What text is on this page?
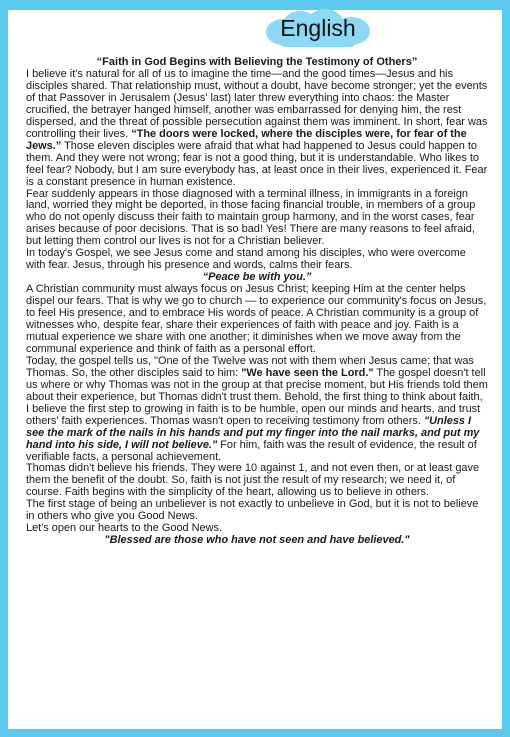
“Faith in God Begins with Believing the Testimony of Others”

I believe it's natural for all of us to imagine the time—and the good times—Jesus and his disciples shared. That relationship must, without a doubt, have become stronger; yet the events of that Passover in Jerusalem (Jesus' last) later threw everything into chaos: the Master crucified, the betrayer hanged himself, another was embarrassed for denying him, the rest dispersed, and the threat of possible persecution against them was imminent. In short, fear was controlling their lives. “The doors were locked, where the disciples were, for fear of the Jews.” Those eleven disciples were afraid that what had happened to Jesus could happen to them. And they were not wrong; fear is not a good thing, but it is understandable. Who likes to feel fear? Nobody, but I am sure everybody has, at least once in their lives, experienced it. Fear is a constant presence in human existence.

Fear suddenly appears in those diagnosed with a terminal illness, in immigrants in a foreign land, worried they might be deported, in those facing financial trouble, in members of a group who do not openly discuss their faith to maintain group harmony, and in the worst cases, fear arises because of poor decisions. That is so bad! Yes! There are many reasons to feel afraid, but letting them control our lives is not for a Christian believer.

In today's Gospel, we see Jesus come and stand among his disciples, who were overcome with fear. Jesus, through his presence and words, calms their fears.

“Peace be with you.”

A Christian community must always focus on Jesus Christ; keeping Him at the center helps dispel our fears. That is why we go to church — to experience our community's focus on Jesus, to feel His presence, and to embrace His words of peace. A Christian community is a group of witnesses who, despite fear, share their experiences of faith with peace and joy. Faith is a mutual experience we share with one another; it diminishes when we move away from the communal experience and think of faith as a personal effort.

Today, the gospel tells us, "One of the Twelve was not with them when Jesus came; that was Thomas. So, the other disciples said to him: "We have seen the Lord." The gospel doesn't tell us where or why Thomas was not in the group at that precise moment, but His friends told them about their experience, but Thomas didn't trust them. Behold, the first thing to think about faith, I believe the first step to growing in faith is to be humble, open our minds and hearts, and trust others' faith experiences. Thomas wasn't open to receiving testimony from others. "Unless I see the mark of the nails in his hands and put my finger into the nail marks, and put my hand into his side, I will not believe." For him, faith was the result of evidence, the result of verifiable facts, a personal achievement.

Thomas didn't believe his friends. They were 10 against 1, and not even then, or at least gave them the benefit of the doubt. So, faith is not just the result of my research; we need it, of course. Faith begins with the simplicity of the heart, allowing us to believe in others.

The first stage of being an unbeliever is not exactly to unbelieve in God, but it is not to believe in others who give you Good News.

Let's open our hearts to the Good News.

"Blessed are those who have not seen and have believed."

English
